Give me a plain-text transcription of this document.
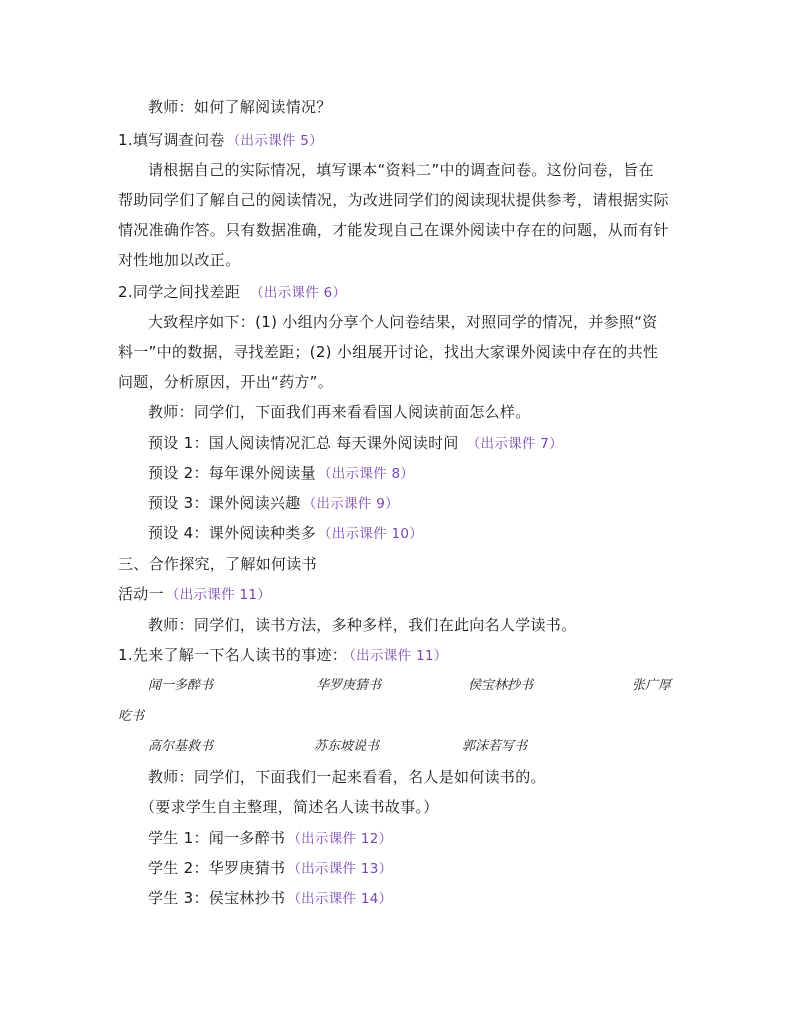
教师：如何了解阅读情况？
1.填写调查问卷 （出示课件 5）
请根据自己的实际情况，填写课本“资料二”中的调查问卷。这份问卷，旨在
帮助同学们了解自己的阅读情况，为改进同学们的阅读现状提供参考，请根据实际
情况准确作答。只有数据准确，才能发现自己在课外阅读中存在的问题，从而有针
对性地加以改正。
2.同学之间找差距 （出示课件 6）
大致程序如下：(1) 小组内分享个人问卷结果，对照同学的情况，并参照“资
料一”中的数据，寻找差距；(2) 小组展开讨论，找出大家课外阅读中存在的共性
问题，分析原因，开出“药方”。
教师：同学们，下面我们再来看看国人阅读前面怎么样。
预设 1：国人阅读情况汇总 每天课外阅读时间 （出示课件 7）
预设 2：每年课外阅读量 （出示课件 8）
预设 3：课外阅读兴趣 （出示课件 9）
预设 4：课外阅读种类多 （出示课件 10）
三、合作探究，了解如何读书
活动一 （出示课件 11）
教师：同学们，读书方法，多种多样，我们在此向名人学读书。
1.先来了解一下名人读书的事迹： （出示课件 11）
闻一多醉书	华罗庚猜书	侯宝林抄书	张广厚
吃书
高尔基救书	苏东坡说书	郭沫若写书
教师：同学们，下面我们一起来看看，名人是如何读书的。
（要求学生自主整理，简述名人读书故事。）
学生 1：闻一多醉书 （出示课件 12）
学生 2：华罗庚猜书 （出示课件 13）
学生 3：侯宝林抄书 （出示课件 14）
